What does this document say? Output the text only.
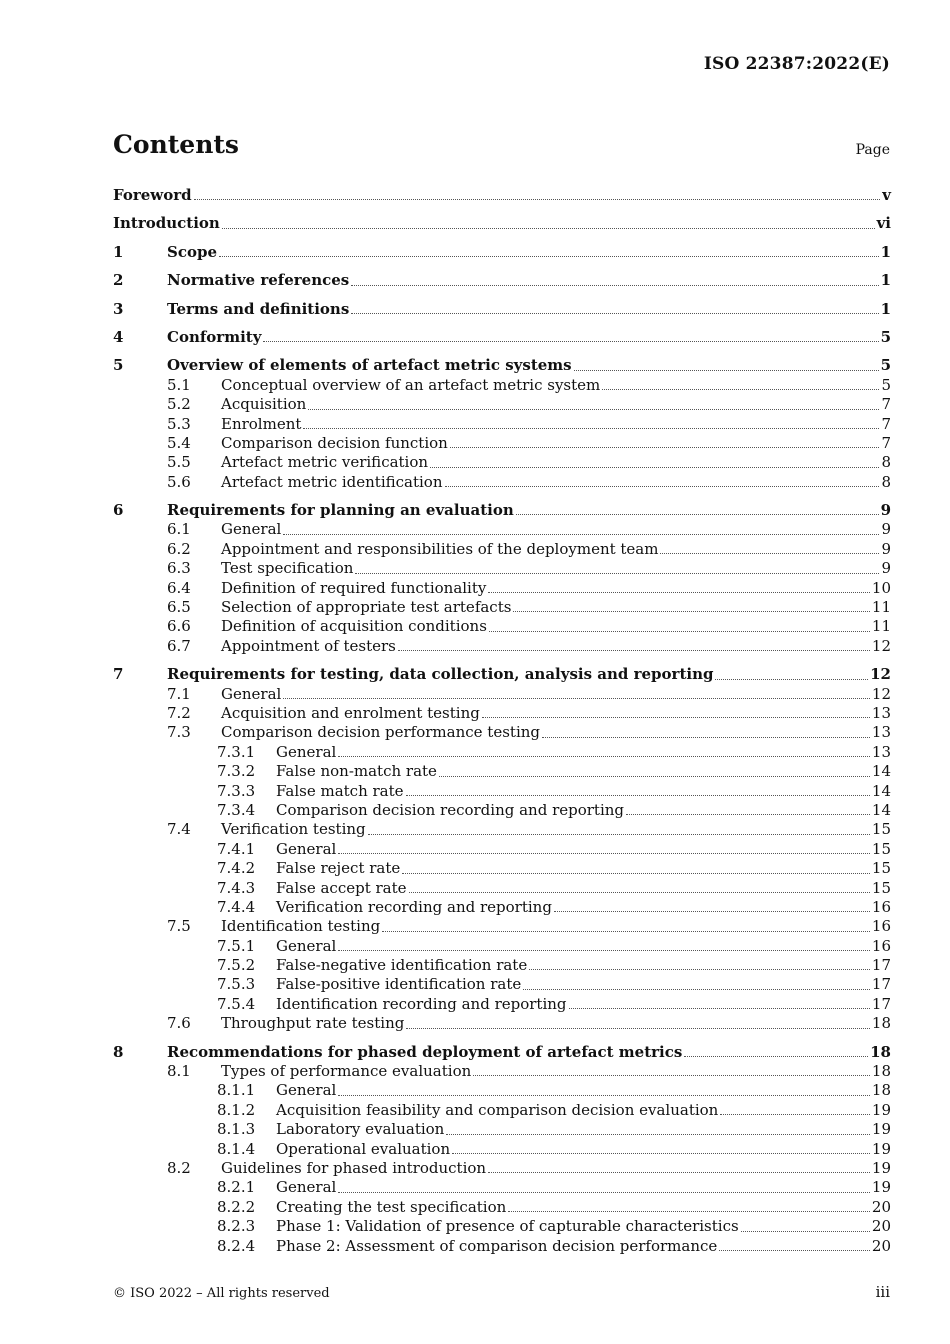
ISO 22387:2022(E)
Contents	Page
Foreword	v
Introduction	vi
1	Scope	1
2	Normative references	1
3	Terms and definitions	1
4	Conformity	5
5	Overview of elements of artefact metric systems	5
5.1 Conceptual overview of an artefact metric system	5
5.2 Acquisition	7
5.3 Enrolment	7
5.4 Comparison decision function	7
5.5 Artefact metric verification	8
5.6 Artefact metric identification	8
6	Requirements for planning an evaluation	9
6.1 General	9
6.2 Appointment and responsibilities of the deployment team	9
6.3 Test specification	9
6.4 Definition of required functionality	10
6.5 Selection of appropriate test artefacts	11
6.6 Definition of acquisition conditions	11
6.7 Appointment of testers	12
7	Requirements for testing, data collection, analysis and reporting	12
7.1 General	12
7.2 Acquisition and enrolment testing	13
7.3 Comparison decision performance testing	13
7.3.1 General	13
7.3.2 False non-match rate	14
7.3.3 False match rate	14
7.3.4 Comparison decision recording and reporting	14
7.4 Verification testing	15
7.4.1 General	15
7.4.2 False reject rate	15
7.4.3 False accept rate	15
7.4.4 Verification recording and reporting	16
7.5 Identification testing	16
7.5.1 General	16
7.5.2 False-negative identification rate	17
7.5.3 False-positive identification rate	17
7.5.4 Identification recording and reporting	17
7.6 Throughput rate testing	18
8	Recommendations for phased deployment of artefact metrics	18
8.1 Types of performance evaluation	18
8.1.1 General	18
8.1.2 Acquisition feasibility and comparison decision evaluation	19
8.1.3 Laboratory evaluation	19
8.1.4 Operational evaluation	19
8.2 Guidelines for phased introduction	19
8.2.1 General	19
8.2.2 Creating the test specification	20
8.2.3 Phase 1: Validation of presence of capturable characteristics	20
8.2.4 Phase 2: Assessment of comparison decision performance	20
© ISO 2022 – All rights reserved	iii
